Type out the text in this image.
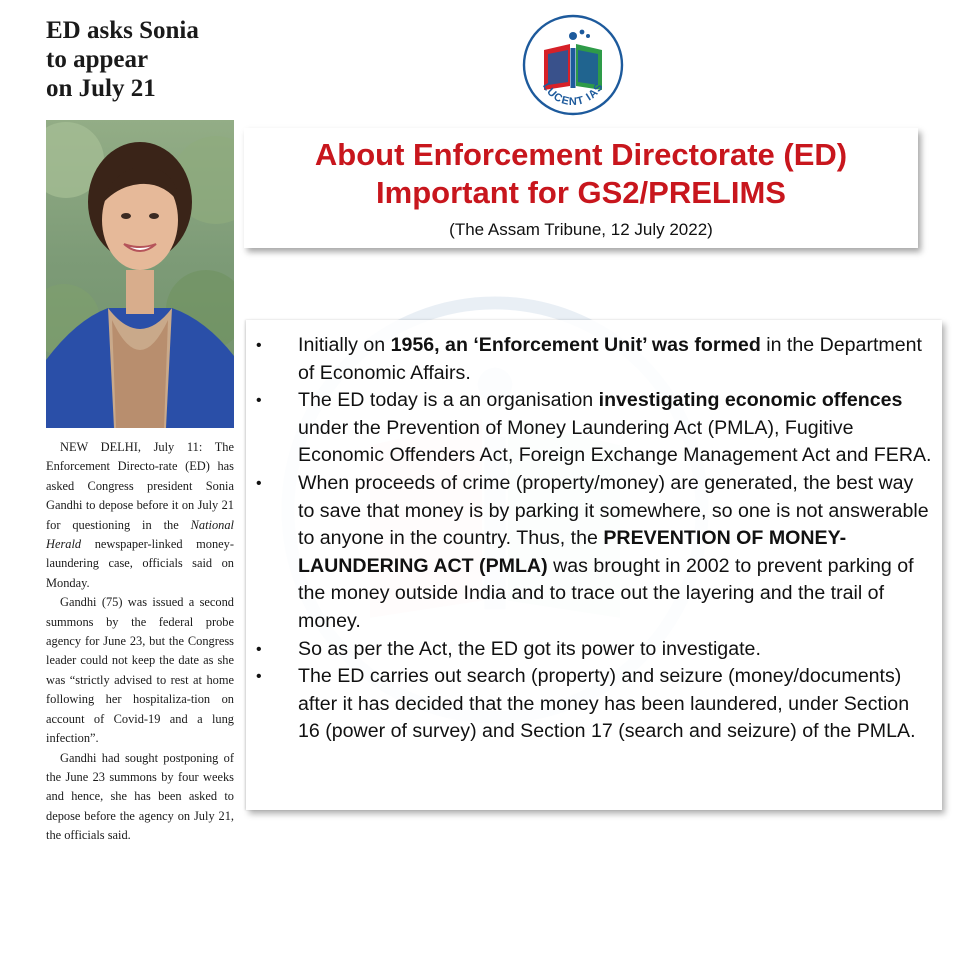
ED asks Sonia
to appear
on July 21

NEW DELHI, July 11: The Enforcement Directo-rate (ED) has asked Congress president Sonia Gandhi to depose before it on July 21 for questioning in the National Herald newspaper-linked money-laundering case, officials said on Monday.

Gandhi (75) was issued a second summons by the federal probe agency for June 23, but the Congress leader could not keep the date as she was “strictly advised to rest at home following her hospitaliza-tion on account of Covid-19 and a lung infection”.

Gandhi had sought postponing of the June 23 summons by four weeks and hence, she has been asked to depose before the agency on July 21, the officials said.

LUCENT IAS
About Enforcement Directorate (ED)
Important for GS2/PRELIMS
(The Assam Tribune, 12 July 2022)
• Initially on 1956, an ‘Enforcement Unit’ was formed in the Department of Economic Affairs.
• The ED today is a an organisation investigating economic offences under the Prevention of Money Laundering Act (PMLA), Fugitive Economic Offenders Act, Foreign Exchange Management Act and FERA.
• When proceeds of crime (property/money) are generated, the best way to save that money is by parking it somewhere, so one is not answerable to anyone in the country. Thus, the PREVENTION OF MONEY-LAUNDERING ACT (PMLA) was brought in 2002 to prevent parking of the money outside India and to trace out the layering and the trail of money.
• So as per the Act, the ED got its power to investigate.
• The ED carries out search (property) and seizure (money/documents) after it has decided that the money has been laundered, under Section 16 (power of survey) and Section 17 (search and seizure) of the PMLA.
